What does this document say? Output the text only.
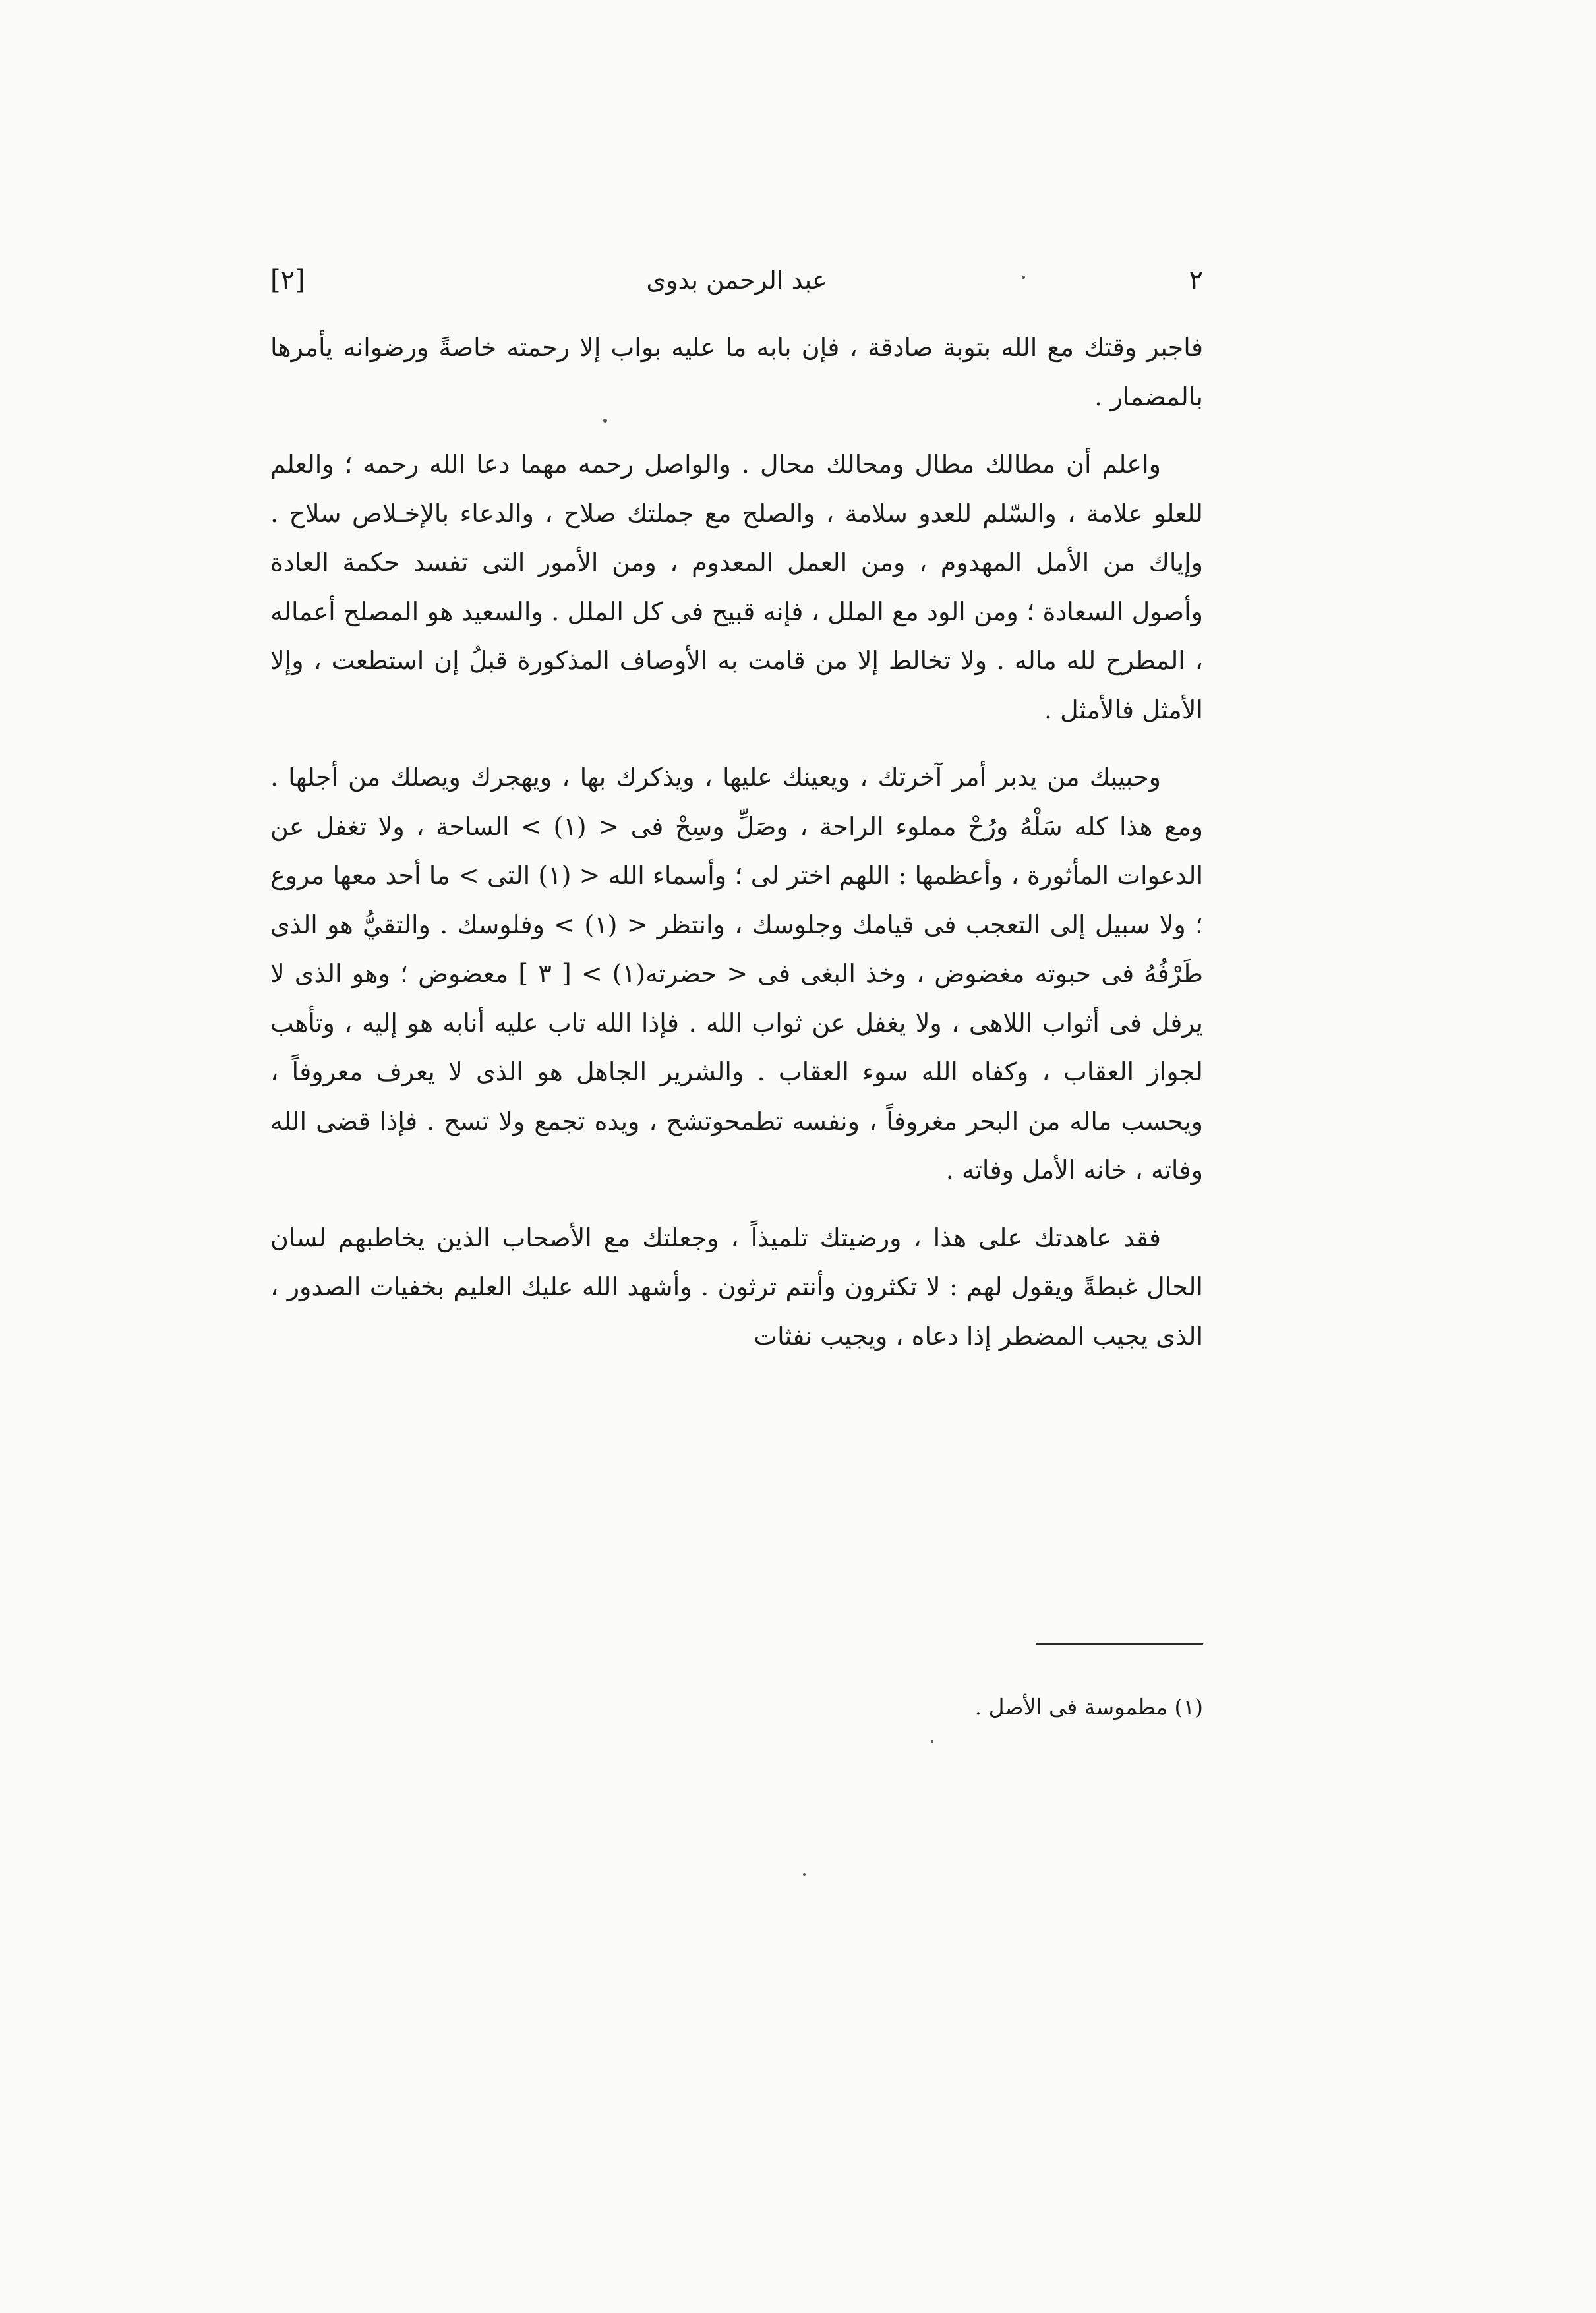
٢
عبد الرحمن بدوى
[٢]

فاجبر وقتك مع الله بتوبة صادقة ، فإن بابه ما عليه بواب إلا رحمته خاصةً ورضوانه يأمرها بالمضمار .

واعلم أن مطالك مطال ومحالك محال . والواصل رحمه مهما دعا الله رحمه ؛ والعلم للعلو علامة ، والسّلم للعدو سلامة ، والصلح مع جملتك صلاح ، والدعاء بالإخـلاص سلاح . وإياك من الأمل المهدوم ، ومن العمل المعدوم ، ومن الأمور التى تفسد حكمة العادة وأصول السعادة ؛ ومن الود مع الملل ، فإنه قبيح فى كل الملل . والسعيد هو المصلح أعماله ، المطرح لله ماله . ولا تخالط إلا من قامت به الأوصاف المذكورة قبلُ إن استطعت ، وإلا الأمثل فالأمثل .

وحبيبك من يدبر أمر آخرتك ، ويعينك عليها ، ويذكرك بها ، ويهجرك ويصلك من أجلها . ومع هذا كله سَلْهُ ورُحْ مملوء الراحة ، وصَلِّ وسِحْ فى < (١) > الساحة ، ولا تغفل عن الدعوات المأثورة ، وأعظمها : اللهم اختر لى ؛ وأسماء الله < (١) التى > ما أحد معها مروع ؛ ولا سبيل إلى التعجب فى قيامك وجلوسك ، وانتظر < (١) > وفلوسك . والتقيُّ هو الذى طَرْفُهُ فى حبوته مغضوض ، وخذ البغى فى < حضرته(١) > [ ٣ ] معضوض ؛ وهو الذى لا يرفل فى أثواب اللاهى ، ولا يغفل عن ثواب الله . فإذا الله تاب عليه أنابه هو إليه ، وتأهب لجواز العقاب ، وكفاه الله سوء العقاب . والشرير الجاهل هو الذى لا يعرف معروفاً ، ويحسب ماله من البحر مغروفاً ، ونفسه تطمحوتشح ، ويده تجمع ولا تسح . فإذا قضى الله وفاته ، خانه الأمل وفاته .

فقد عاهدتك على هذا ، ورضيتك تلميذاً ، وجعلتك مع الأصحاب الذين يخاطبهم لسان الحال غبطةً ويقول لهم : لا تكثرون وأنتم ترثون . وأشهد الله عليك العليم بخفيات الصدور ، الذى يجيب المضطر إذا دعاه ، ويجيب نفثات

(١) مطموسة فى الأصل .
